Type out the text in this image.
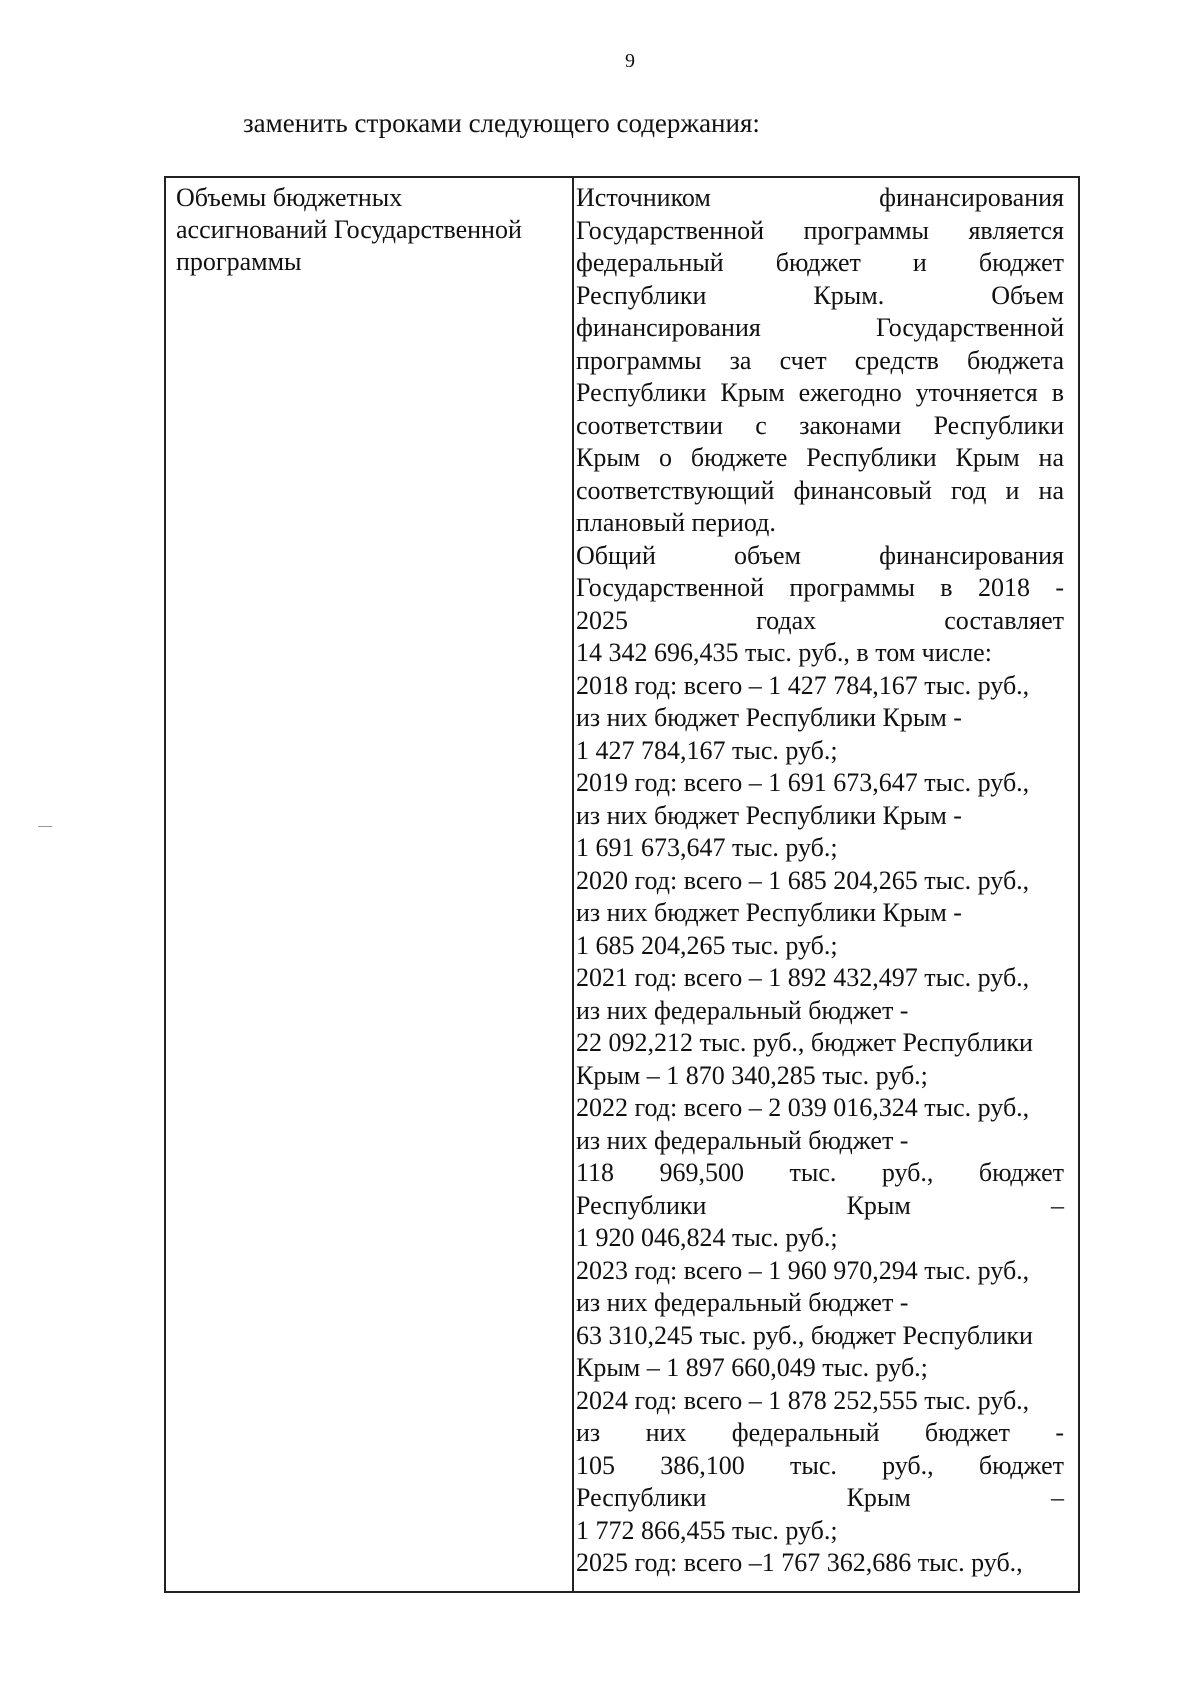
9
заменить строками следующего содержания:
Объемы бюджетных
ассигнований Государственной
программы
Источником финансирования
Государственной программы является
федеральный бюджет и бюджет
Республики Крым. Объем
финансирования Государственной
программы за счет средств бюджета
Республики Крым ежегодно уточняется в
соответствии с законами Республики
Крым о бюджете Республики Крым на
соответствующий финансовый год и на
плановый период.
Общий объем финансирования
Государственной программы в 2018 -
2025 годах составляет
14 342 696,435 тыс. руб., в том числе:
2018 год: всего – 1 427 784,167 тыс. руб.,
из них бюджет Республики Крым -
1 427 784,167 тыс. руб.;
2019 год: всего – 1 691 673,647 тыс. руб.,
из них бюджет Республики Крым -
1 691 673,647 тыс. руб.;
2020 год: всего – 1 685 204,265 тыс. руб.,
из них бюджет Республики Крым -
1 685 204,265 тыс. руб.;
2021 год: всего – 1 892 432,497 тыс. руб.,
из них федеральный бюджет -
22 092,212 тыс. руб., бюджет Республики
Крым – 1 870 340,285 тыс. руб.;
2022 год: всего – 2 039 016,324 тыс. руб.,
из них федеральный бюджет -
118 969,500 тыс. руб., бюджет
Республики Крым –
1 920 046,824 тыс. руб.;
2023 год: всего – 1 960 970,294 тыс. руб.,
из них федеральный бюджет -
63 310,245 тыс. руб., бюджет Республики
Крым – 1 897 660,049 тыс. руб.;
2024 год: всего – 1 878 252,555 тыс. руб.,
из них федеральный бюджет -
105 386,100 тыс. руб., бюджет
Республики Крым –
1 772 866,455 тыс. руб.;
2025 год: всего –1 767 362,686 тыс. руб.,
